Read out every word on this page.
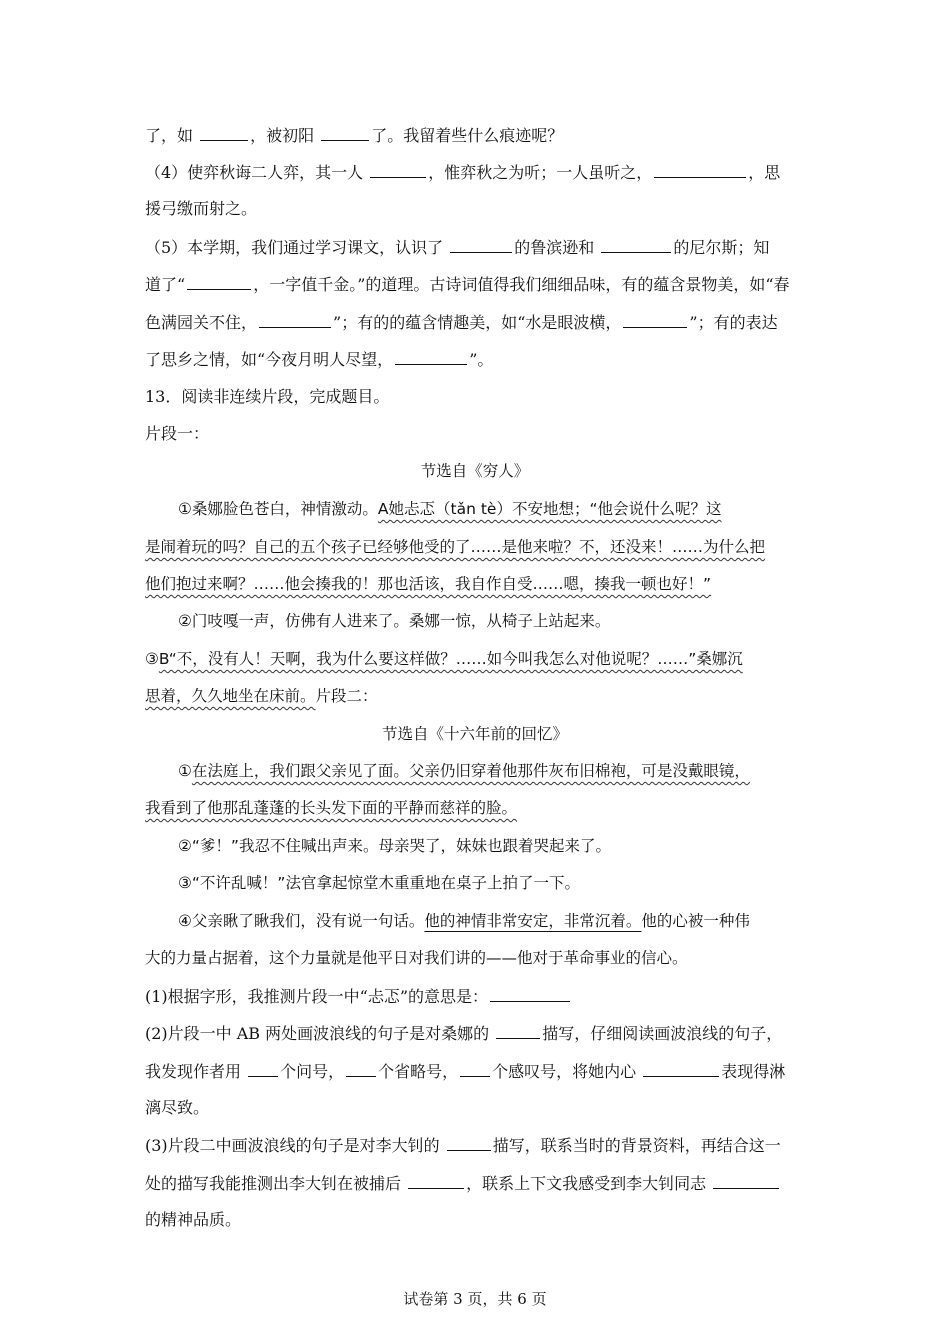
了，如	，被初阳	了。我留着些什么痕迹呢？
（4）使弈秋诲二人弈，其一人	，惟弈秋之为听；一人虽听之，	，思
援弓缴而射之。
（5）本学期，我们通过学习课文，认识了	的鲁滨逊和	的尼尔斯；知
道了“	，一字值千金。”的道理。古诗词值得我们细细品味，有的蕴含景物美，如“春
色满园关不住，	”；有的的蕴含情趣美，如“水是眼波横，	”；有的表达
了思乡之情，如“今夜月明人尽望，	”。
13．阅读非连续片段，完成题目。
片段一：
节选自《穷人》
①桑娜脸色苍白，神情激动。A她忐忑（tǎn tè）不安地想；“他会说什么呢？这
是闹着玩的吗？自己的五个孩子已经够他受的了……是他来啦？不，还没来！……为什么把
他们抱过来啊？……他会揍我的！那也活该，我自作自受……嗯，揍我一顿也好！”
②门吱嘎一声，仿佛有人进来了。桑娜一惊，从椅子上站起来。
③B“不，没有人！天啊，我为什么要这样做？……如今叫我怎么对他说呢？……”桑娜沉
思着，久久地坐在床前。片段二：
节选自《十六年前的回忆》
①在法庭上，我们跟父亲见了面。父亲仍旧穿着他那件灰布旧棉袍，可是没戴眼镜，
我看到了他那乱蓬蓬的长头发下面的平静而慈祥的脸。
②“爹！”我忍不住喊出声来。母亲哭了，妹妹也跟着哭起来了。
③“不许乱喊！”法官拿起惊堂木重重地在桌子上拍了一下。
④父亲瞅了瞅我们，没有说一句话。他的神情非常安定，非常沉着。他的心被一种伟
大的力量占据着，这个力量就是他平日对我们讲的——他对于革命事业的信心。
(1)根据字形，我推测片段一中“忐忑”的意思是：
(2)片段一中 AB 两处画波浪线的句子是对桑娜的	描写，仔细阅读画波浪线的句子，
我发现作者用 个问号， 个省略号， 个感叹号，将她内心	表现得淋
漓尽致。
(3)片段二中画波浪线的句子是对李大钊的	描写，联系当时的背景资料，再结合这一
处的描写我能推测出李大钊在被捕后	，联系上下文我感受到李大钊同志
的精神品质。
试卷第 3 页，共 6 页
